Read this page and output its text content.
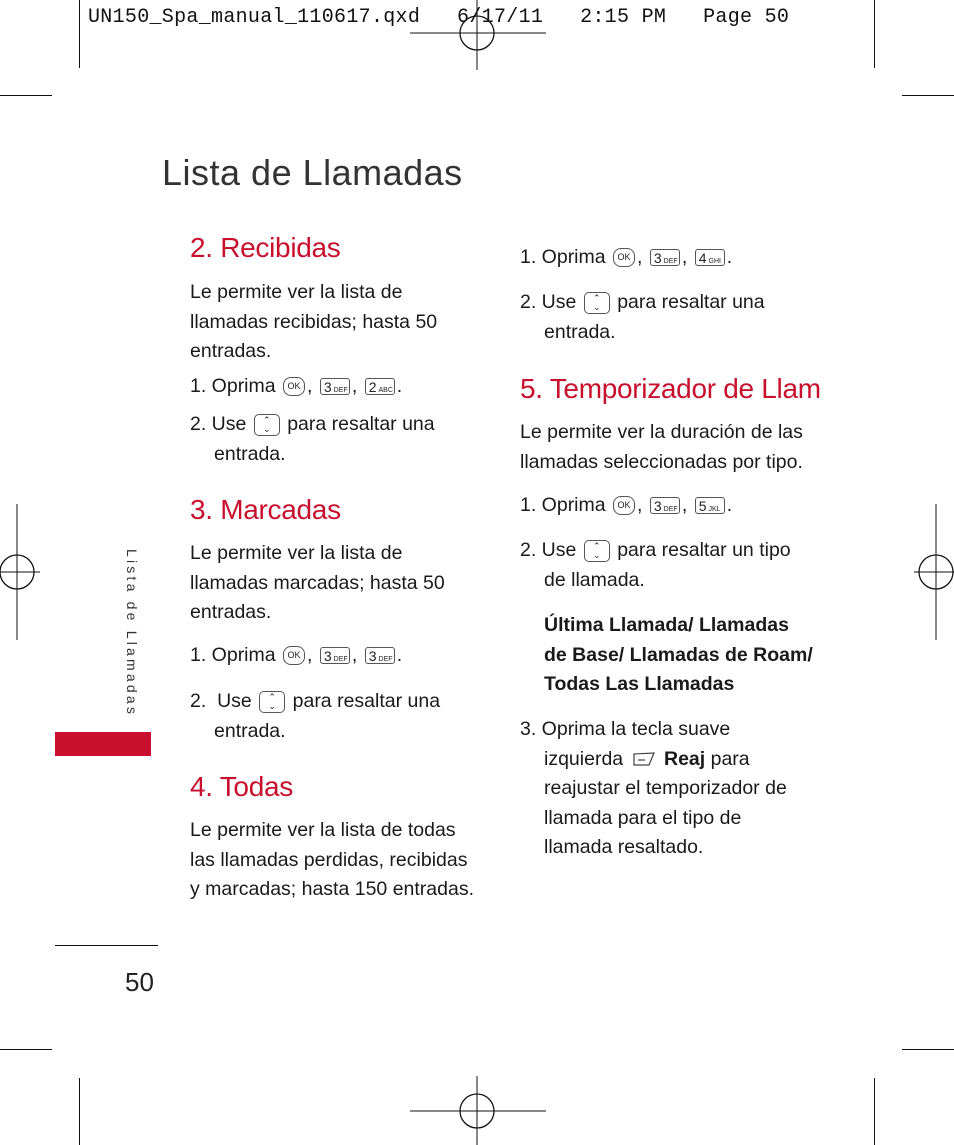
UN150_Spa_manual_110617.qxd   6/17/11   2:15 PM   Page 50
Lista de Llamadas
2. Recibidas
Le permite ver la lista de llamadas recibidas; hasta 50 entradas.
1. Oprima OK , 3 DEF , 2 ABC .
2. Use ⌃
⌄ para resaltar una
entrada.
3. Marcadas
Le permite ver la lista de llamadas marcadas; hasta 50 entradas.
1. Oprima OK , 3 DEF , 3 DEF .
2.  Use ⌃
⌄ para resaltar una
entrada.
4. Todas
Le permite ver la lista de todas las llamadas perdidas, recibidas y marcadas; hasta 150 entradas.
1. Oprima OK , 3 DEF , 4 GHI .
2. Use ⌃
⌄ para resaltar una
entrada.
5. Temporizador de Llam
Le permite ver la duración de las llamadas seleccionadas por tipo.
1. Oprima OK , 3 DEF , 5 JKL .
2. Use ⌃
⌄ para resaltar un tipo
de llamada.
Última Llamada/ Llamadas
de Base/ Llamadas de Roam/
Todas Las Llamadas
3. Oprima la tecla suave
izquierda Reaj para
reajustar el temporizador de
llamada para el tipo de
llamada resaltado.
Lista de Llamadas
50
